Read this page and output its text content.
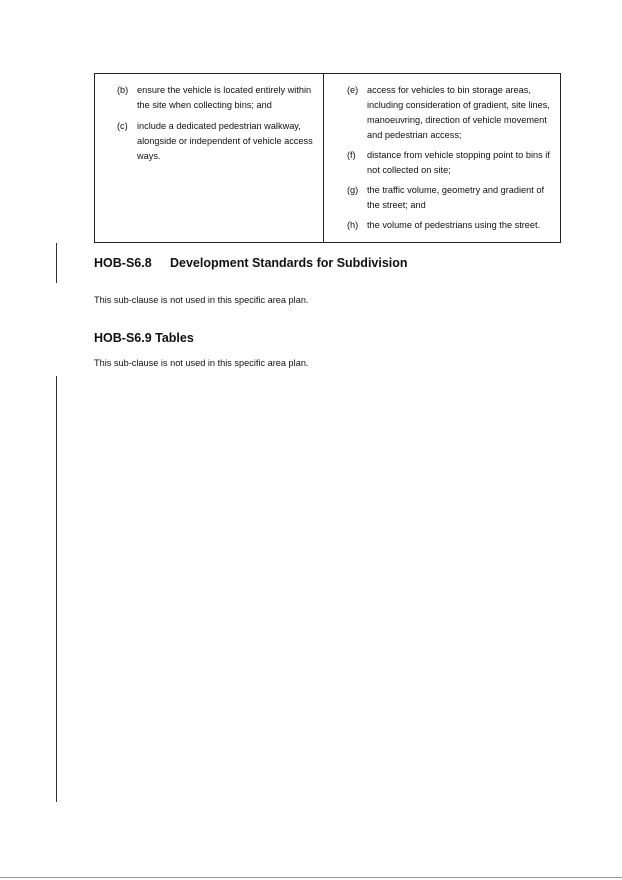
(b) ensure the vehicle is located entirely within the site when collecting bins; and
(c)	include a dedicated pedestrian walkway, alongside or independent of vehicle access ways.
(e) access for vehicles to bin storage areas, including consideration of gradient, site lines, manoeuvring, direction of vehicle movement and pedestrian access;
(f)	distance from vehicle stopping point to bins if not collected on site;
(g) the traffic volume, geometry and gradient of the street; and
(h) the volume of pedestrians using the street.
HOB-S6.8 Development Standards for Subdivision
This sub-clause is not used in this specific area plan.
HOB-S6.9 Tables
This sub-clause is not used in this specific area plan.
